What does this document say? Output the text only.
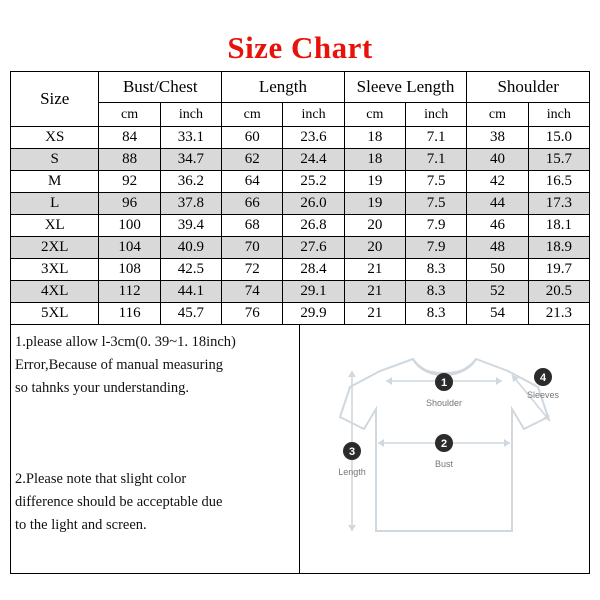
Size Chart
Size	Bust/Chest		Length		Sleeve Length		Shoulder	
	cm	inch	cm	inch	cm	inch	cm	inch
XS	84	33.1	60	23.6	18	7.1	38	15.0
S	88	34.7	62	24.4	18	7.1	40	15.7
M	92	36.2	64	25.2	19	7.5	42	16.5
L	96	37.8	66	26.0	19	7.5	44	17.3
XL	100	39.4	68	26.8	20	7.9	46	18.1
2XL	104	40.9	70	27.6	20	7.9	48	18.9
3XL	108	42.5	72	28.4	21	8.3	50	19.7
4XL	112	44.1	74	29.1	21	8.3	52	20.5
5XL	116	45.7	76	29.9	21	8.3	54	21.3

1.please allow l-3cm(0. 39~1. 18inch)

Error,Because of manual measuring

so tahnks your understanding.

2.Please note that slight color

difference should be acceptable due

to the light and screen.

1
Shoulder
2
Bust
3
Length
4
Sleeves
